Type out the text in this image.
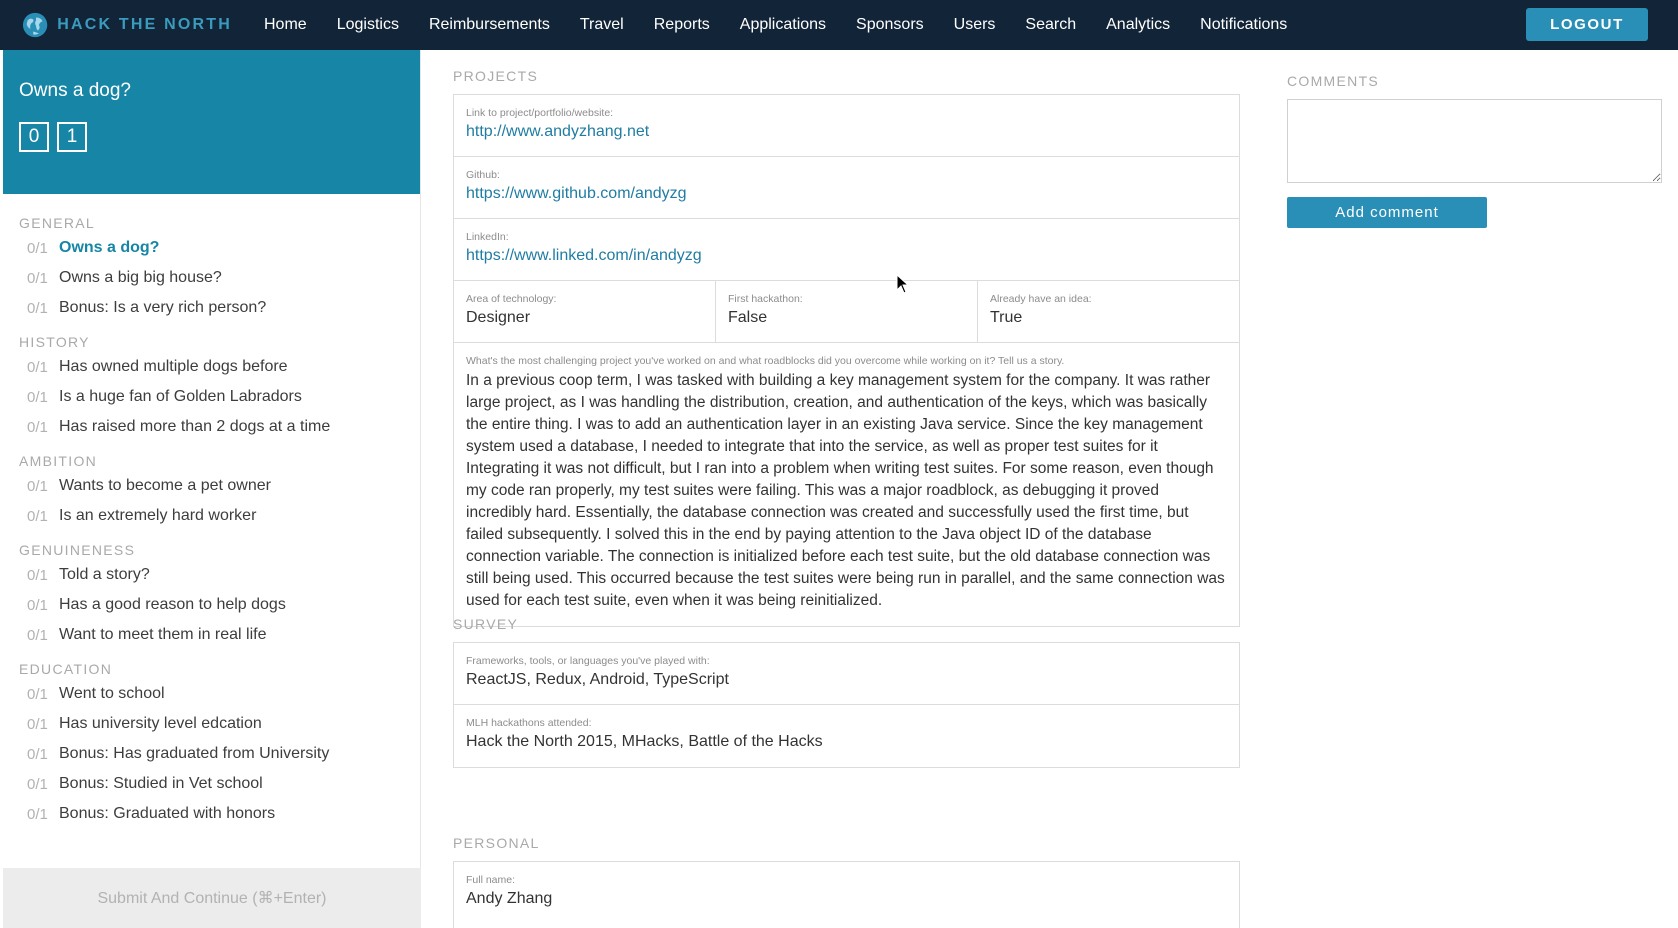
HACK THE NORTH Home Logistics Reimbursements Travel Reports Applications Sponsors Users Search Analytics Notifications	LOGOUT
Owns a dog?
0	1
GENERAL
0/1 Owns a dog?
0/1 Owns a big big house?
0/1 Bonus: Is a very rich person?
HISTORY
0/1 Has owned multiple dogs before
0/1 Is a huge fan of Golden Labradors
0/1 Has raised more than 2 dogs at a time
AMBITION
0/1 Wants to become a pet owner
0/1 Is an extremely hard worker
GENUINENESS
0/1 Told a story?
0/1 Has a good reason to help dogs
0/1 Want to meet them in real life
EDUCATION
0/1 Went to school
0/1 Has university level edcation
0/1 Bonus: Has graduated from University
0/1 Bonus: Studied in Vet school
0/1 Bonus: Graduated with honors
Submit And Continue (⌘+Enter)
PROJECTS
Link to project/portfolio/website:
http://www.andyzhang.net
Github:
https://www.github.com/andyzg
LinkedIn:
https://www.linked.com/in/andyzg
Area of technology:
Designer
First hackathon:
False
Already have an idea:
True
What's the most challenging project you've worked on and what roadblocks did you overcome while working on it? Tell us a story.
In a previous coop term, I was tasked with building a key management system for the company. It was rather large project, as I was handling the distribution, creation, and authentication of the keys, which was basically the entire thing. I was to add an authentication layer in an existing Java service. Since the key management system used a database, I needed to integrate that into the service, as well as proper test suites for it Integrating it was not difficult, but I ran into a problem when writing test suites. For some reason, even though my code ran properly, my test suites were failing. This was a major roadblock, as debugging it proved incredibly hard. Essentially, the database connection was created and successfully used the first time, but failed subsequently. I solved this in the end by paying attention to the Java object ID of the database connection variable. The connection is initialized before each test suite, but the old database connection was still being used. This occurred because the test suites were being run in parallel, and the same connection was used for each test suite, even when it was being reinitialized.
SURVEY
Frameworks, tools, or languages you've played with:
ReactJS, Redux, Android, TypeScript
MLH hackathons attended:
Hack the North 2015, MHacks, Battle of the Hacks
PERSONAL
Full name:
Andy Zhang
COMMENTS
Add comment
